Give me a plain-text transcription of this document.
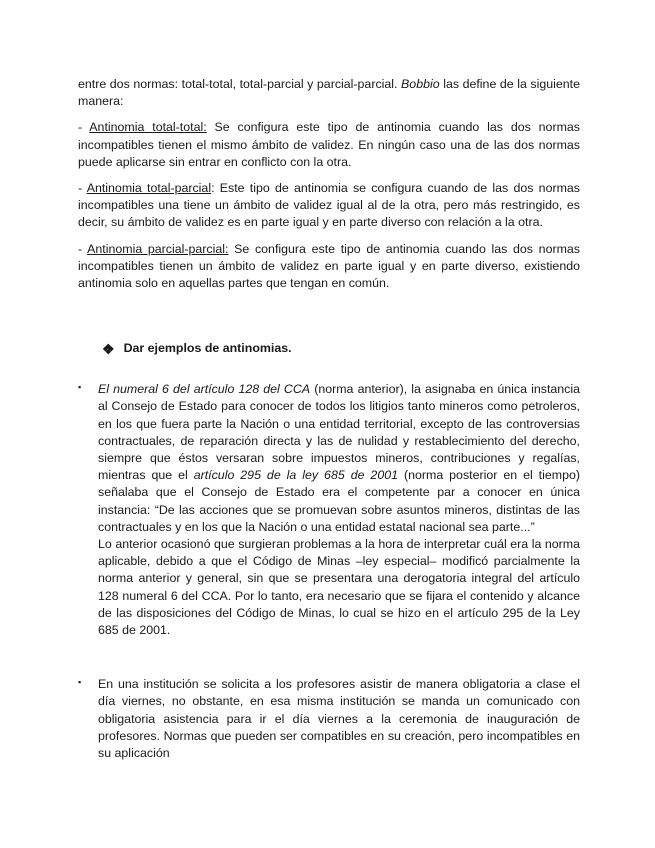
entre dos normas: total-total, total-parcial y parcial-parcial. Bobbio las define de la siguiente manera:

- Antinomia total-total: Se configura este tipo de antinomia cuando las dos normas incompatibles tienen el mismo ámbito de validez. En ningún caso una de las dos normas puede aplicarse sin entrar en conflicto con la otra.

- Antinomia total-parcial: Este tipo de antinomia se configura cuando de las dos normas incompatibles una tiene un ámbito de validez igual al de la otra, pero más restringido, es decir, su ámbito de validez es en parte igual y en parte diverso con relación a la otra.

- Antinomia parcial-parcial: Se configura este tipo de antinomia cuando las dos normas incompatibles tienen un ámbito de validez en parte igual y en parte diverso, existiendo antinomia solo en aquellas partes que tengan en común.

❖ Dar ejemplos de antinomias.
▪	El numeral 6 del artículo 128 del CCA (norma anterior), la asignaba en única instancia al Consejo de Estado para conocer de todos los litigios tanto mineros como petroleros, en los que fuera parte la Nación o una entidad territorial, excepto de las controversias contractuales, de reparación directa y las de nulidad y restablecimiento del derecho, siempre que éstos versaran sobre impuestos mineros, contribuciones y regalías, mientras que el artículo 295 de la ley 685 de 2001 (norma posterior en el tiempo) señalaba que el Consejo de Estado era el competente par a conocer en única instancia: “De las acciones que se promuevan sobre asuntos mineros, distintas de las contractuales y en los que la Nación o una entidad estatal nacional sea parte...”

Lo anterior ocasionó que surgieran problemas a la hora de interpretar cuál era la norma aplicable, debido a que el Código de Minas –ley especial– modificó parcialmente la norma anterior y general, sin que se presentara una derogatoria integral del artículo 128 numeral 6 del CCA. Por lo tanto, era necesario que se fijara el contenido y alcance de las disposiciones del Código de Minas, lo cual se hizo en el artículo 295 de la Ley 685 de 2001.

▪	En una institución se solicita a los profesores asistir de manera obligatoria a clase el día viernes, no obstante, en esa misma institución se manda un comunicado con obligatoria asistencia para ir el día viernes a la ceremonia de inauguración de profesores. Normas que pueden ser compatibles en su creación, pero incompatibles en su aplicación
